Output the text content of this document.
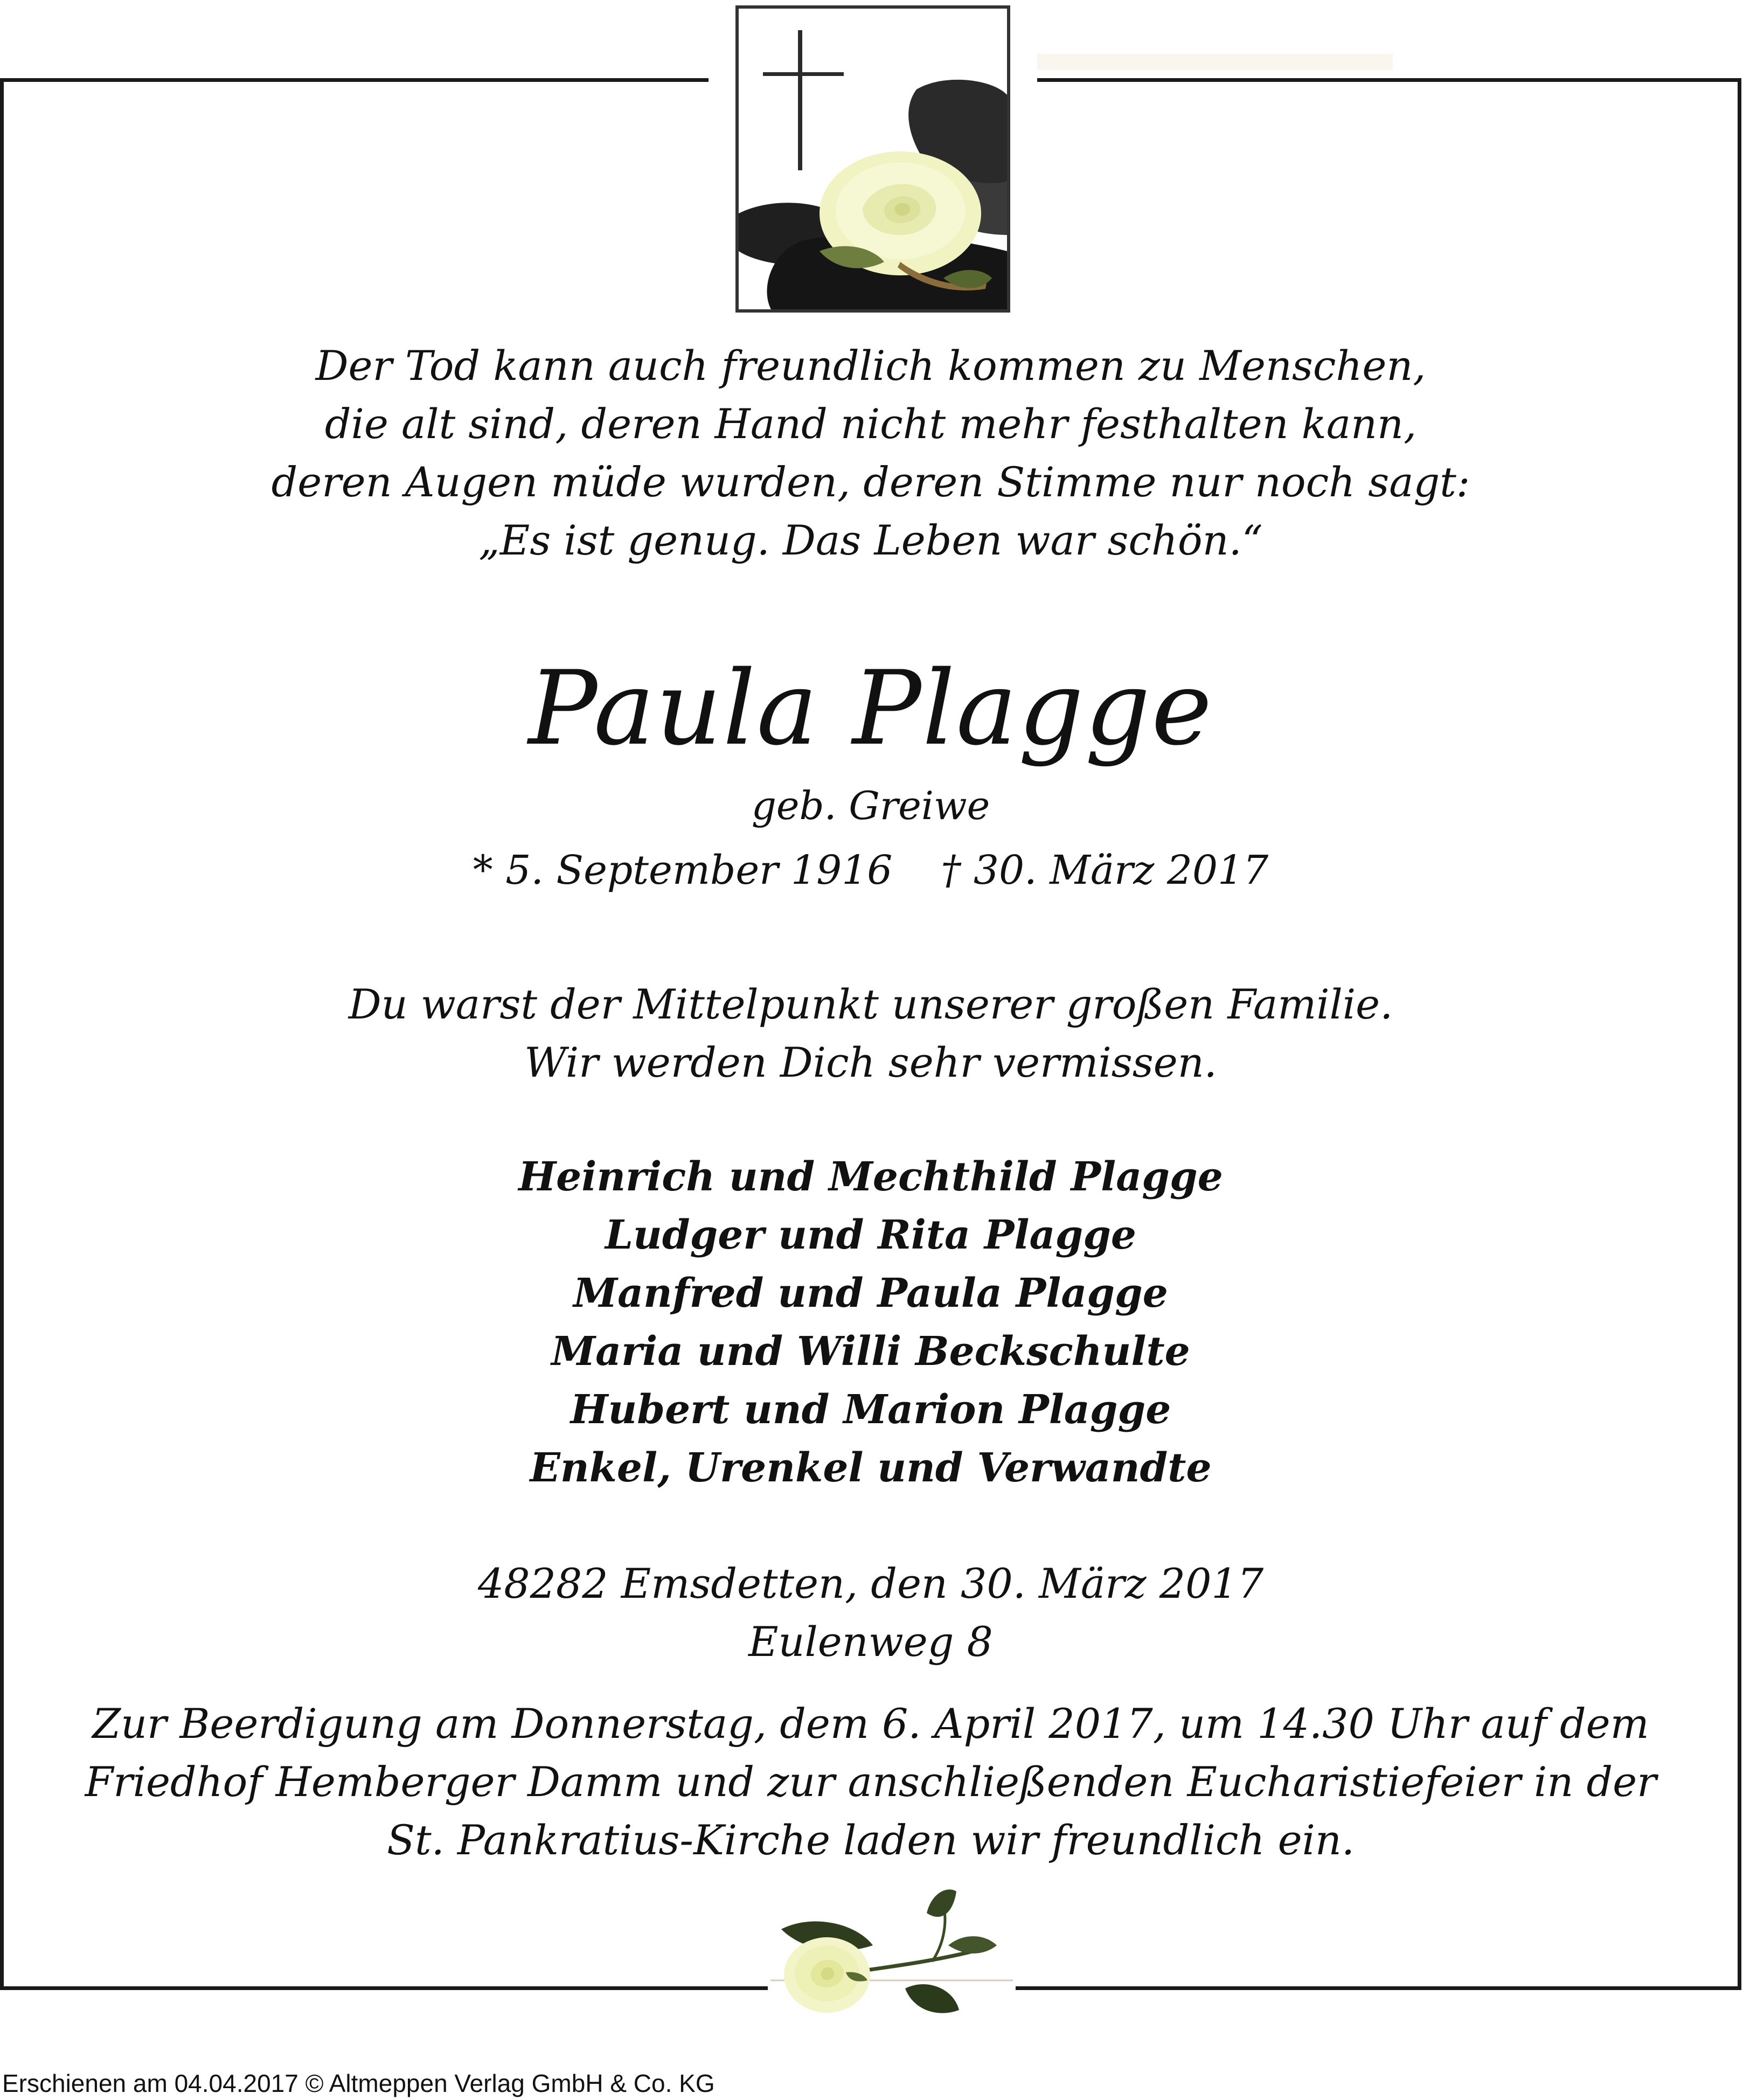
Der Tod kann auch freundlich kommen zu Menschen,
die alt sind, deren Hand nicht mehr festhalten kann,
deren Augen müde wurden, deren Stimme nur noch sagt:
„Es ist genug. Das Leben war schön.“
Paula Plagge
geb. Greiwe
* 5. September 1916 † 30. März 2017
Du warst der Mittelpunkt unserer großen Familie.
Wir werden Dich sehr vermissen.
Heinrich und Mechthild Plagge
Ludger und Rita Plagge
Manfred und Paula Plagge
Maria und Willi Beckschulte
Hubert und Marion Plagge
Enkel, Urenkel und Verwandte
48282 Emsdetten, den 30. März 2017
Eulenweg 8
Zur Beerdigung am Donnerstag, dem 6. April 2017, um 14.30 Uhr auf dem
Friedhof Hemberger Damm und zur anschließenden Eucharistiefeier in der
St. Pankratius-Kirche laden wir freundlich ein.
Erschienen am 04.04.2017 © Altmeppen Verlag GmbH & Co. KG
